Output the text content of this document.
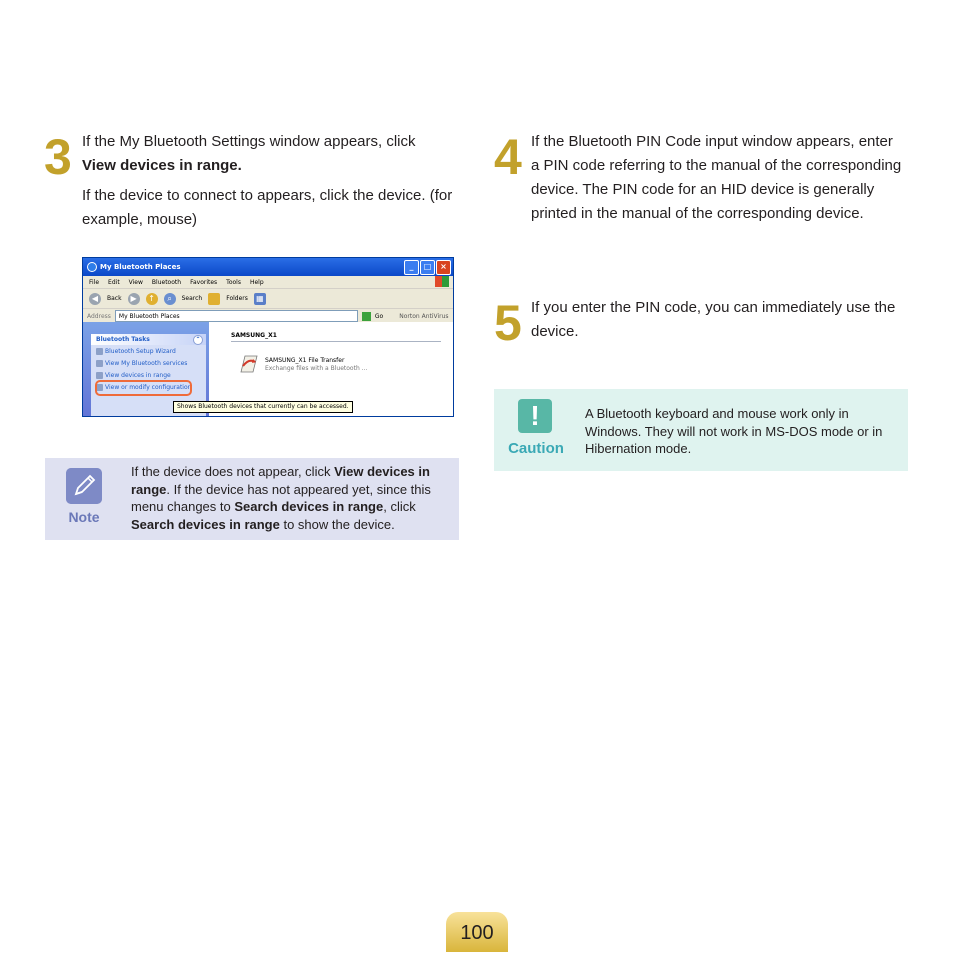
3 If the My Bluetooth Settings window appears, click
View devices in range.

If the device to connect to appears, click the device. (for example, mouse)

My Bluetooth Places	_	□	×
File Edit View Bluetooth Favorites Tools Help
◀	Back	▶	↑	⌕	Search	Folders ▦
Address My Bluetooth Places	Go	Norton AntiVirus
Bluetooth Tasks	⌃
Bluetooth Setup Wizard
View My Bluetooth services
View devices in range
View or modify configuration
SAMSUNG_X1
SAMSUNG_X1 File Transfer
Exchange files with a Bluetooth ...
Shows Bluetooth devices that currently can be accessed.
Note
If the device does not appear, click View devices in range. If the device has not appeared yet, since this menu changes to Search devices in range, click Search devices in range to show the device.
4 If the Bluetooth PIN Code input window appears, enter a PIN code referring to the manual of the corresponding device. The PIN code for an HID device is generally printed in the manual of the corresponding device.
5 If you enter the PIN code, you can immediately use the device.
!
Caution
A Bluetooth keyboard and mouse work only in Windows. They will not work in MS-DOS mode or in Hibernation mode.
100
